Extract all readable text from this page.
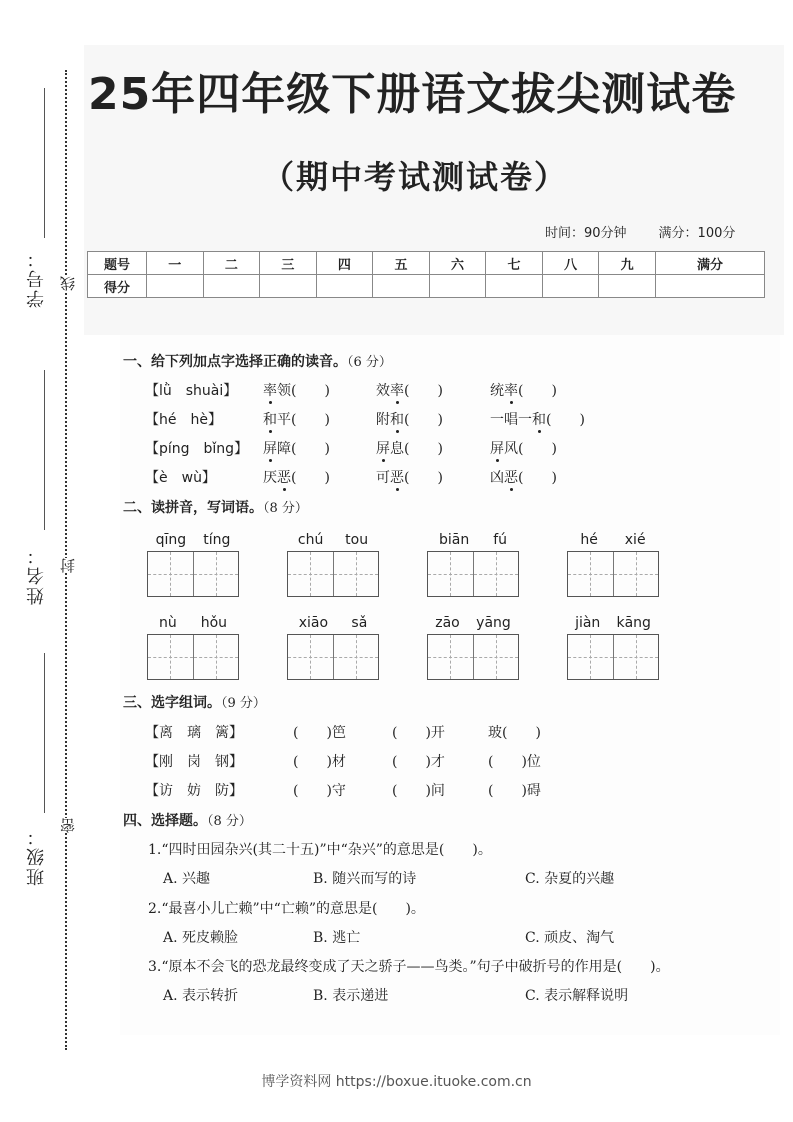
学号： 线
姓名： 封
班级：
密
25年四年级下册语文拔尖测试卷
（期中考试测试卷）
时间：90分钟 满分：100分
题号	一	二	三	四	五	六	七	八	九	满分
得分										
一、给下列加点字选择正确的读音。（6 分）
【lǜ　shuài】 率领(　　)	效率(　　)	统率(　　)
【hé　hè】	和平(　　)	附和(　　)	一唱一和(　　)
【píng　bǐng】 屏障(　　)	屏息(　　)	屏风(　　)
【è　wù】	厌恶(　　)	可恶(　　)	凶恶(　　)
二、读拼音，写词语。（8 分）
qīng tíng	chú tou	biān fú	hé xié
nù hǒu	xiāo sǎ	zāo yāng	jiàn kāng
三、选字组词。（9 分）
【离　璃　篱】	(　　)笆	(　　)开	玻(　　)
【刚　岗　钢】	(　　)材	(　　)才	(　　)位
【访　妨　防】	(　　)守	(　　)问	(　　)碍
四、选择题。（8 分）
1.“四时田园杂兴(其二十五)”中“杂兴”的意思是(　　)。
A. 兴趣	B. 随兴而写的诗	C. 杂夏的兴趣
2.“最喜小儿亡赖”中“亡赖”的意思是(　　)。
A. 死皮赖脸	B. 逃亡	C. 顽皮、淘气
3.“原本不会飞的恐龙最终变成了天之骄子——鸟类。”句子中破折号的作用是(　　)。
A. 表示转折	B. 表示递进	C. 表示解释说明
博学资料网 https://boxue.ituoke.com.cn
